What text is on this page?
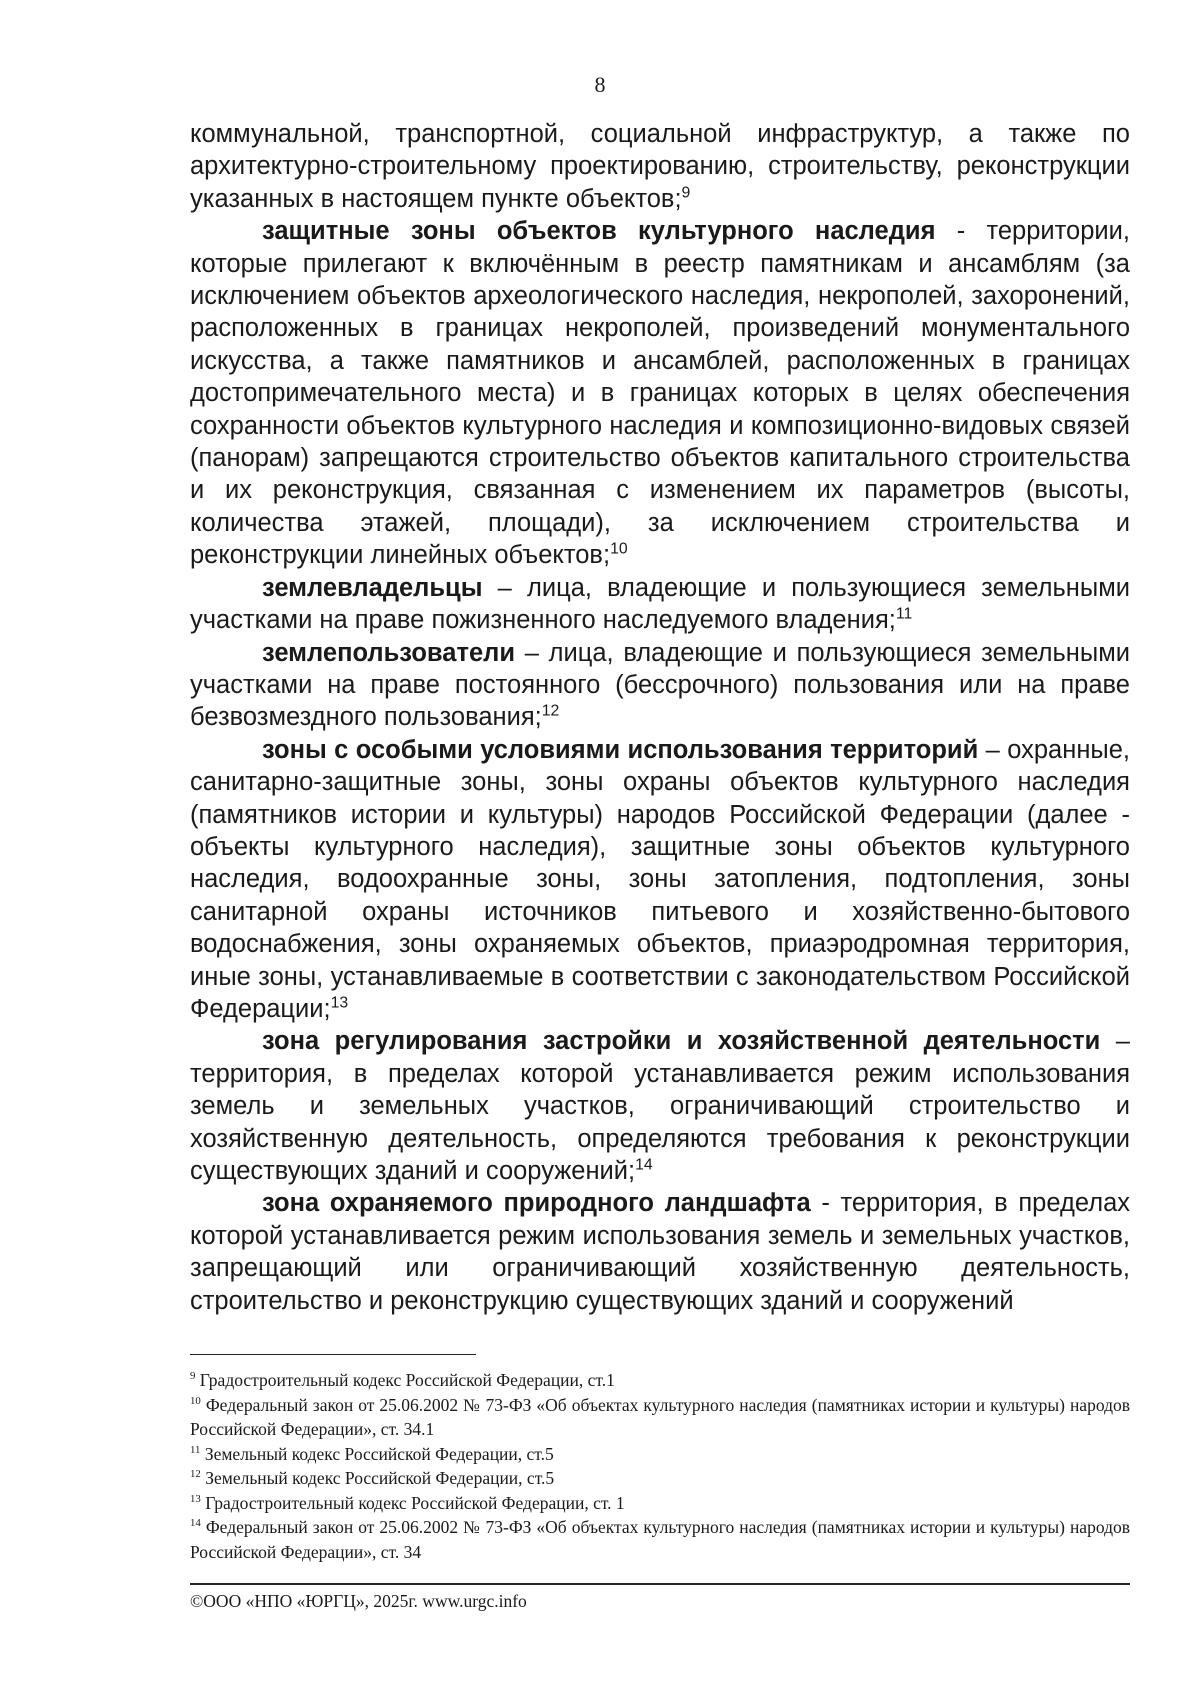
8

коммунальной, транспортной, социальной инфраструктур, а также по архитектурно-строительному проектированию, строительству, реконструкции указанных в настоящем пункте объектов;$^9$

защитные зоны объектов культурного наследия - территории, которые прилегают к включённым в реестр памятникам и ансамблям (за исключением объектов археологического наследия, некрополей, захоронений, расположенных в границах некрополей, произведений монументального искусства, а также памятников и ансамблей, расположенных в границах достопримечательного места) и в границах которых в целях обеспечения сохранности объектов культурного наследия и композиционно-видовых связей (панорам) запрещаются строительство объектов капитального строительства и их реконструкция, связанная с изменением их параметров (высоты, количества этажей, площади), за исключением строительства и реконструкции линейных объектов;$^{10}$

землевладельцы – лица, владеющие и пользующиеся земельными участками на праве пожизненного наследуемого владения;$^{11}$

землепользователи – лица, владеющие и пользующиеся земельными участками на праве постоянного (бессрочного) пользования или на праве безвозмездного пользования;$^{12}$

зоны с особыми условиями использования территорий – охранные, санитарно-защитные зоны, зоны охраны объектов культурного наследия (памятников истории и культуры) народов Российской Федерации (далее - объекты культурного наследия), защитные зоны объектов культурного наследия, водоохранные зоны, зоны затопления, подтопления, зоны санитарной охраны источников питьевого и хозяйственно-бытового водоснабжения, зоны охраняемых объектов, приаэродромная территория, иные зоны, устанавливаемые в соответствии с законодательством Российской Федерации;$^{13}$

зона регулирования застройки и хозяйственной деятельности – территория, в пределах которой устанавливается режим использования земель и земельных участков, ограничивающий строительство и хозяйственную деятельность, определяются требования к реконструкции существующих зданий и сооружений;$^{14}$

зона охраняемого природного ландшафта - территория, в пределах которой устанавливается режим использования земель и земельных участков, запрещающий или ограничивающий хозяйственную деятельность, строительство и реконструкцию существующих зданий и сооружений

$^9$ Градостроительный кодекс Российской Федерации, ст.1

$^{10}$ Федеральный закон от 25.06.2002 № 73-ФЗ «Об объектах культурного наследия (памятниках истории и культуры) народов Российской Федерации», ст. 34.1

$^{11}$ Земельный кодекс Российской Федерации, ст.5

$^{12}$ Земельный кодекс Российской Федерации, ст.5

$^{13}$ Градостроительный кодекс Российской Федерации, ст. 1

$^{14}$ Федеральный закон от 25.06.2002 № 73-ФЗ «Об объектах культурного наследия (памятниках истории и культуры) народов Российской Федерации», ст. 34

©ООО «НПО «ЮРГЦ», 2025г. www.urgc.info
